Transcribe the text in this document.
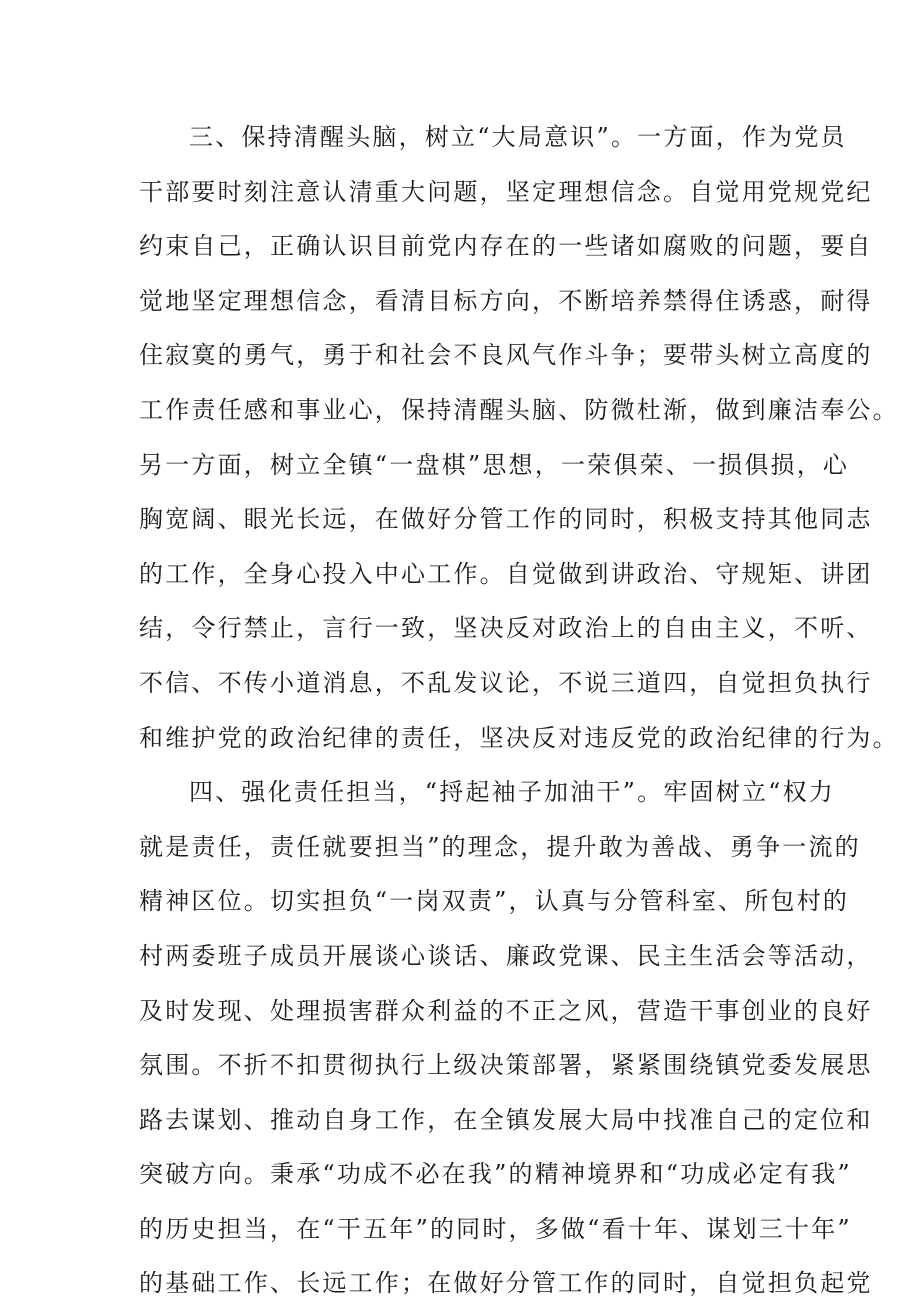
三、保持清醒头脑，树立“大局意识”。一方面，作为党员
干部要时刻注意认清重大问题，坚定理想信念。自觉用党规党纪
约束自己，正确认识目前党内存在的一些诸如腐败的问题，要自
觉地坚定理想信念，看清目标方向，不断培养禁得住诱惑，耐得
住寂寞的勇气，勇于和社会不良风气作斗争；要带头树立高度的
工作责任感和事业心，保持清醒头脑、防微杜渐，做到廉洁奉公。
另一方面，树立全镇“一盘棋”思想，一荣俱荣、一损俱损，心
胸宽阔、眼光长远，在做好分管工作的同时，积极支持其他同志
的工作，全身心投入中心工作。自觉做到讲政治、守规矩、讲团
结，令行禁止，言行一致，坚决反对政治上的自由主义，不听、
不信、不传小道消息，不乱发议论，不说三道四，自觉担负执行
和维护党的政治纪律的责任，坚决反对违反党的政治纪律的行为。
四、强化责任担当，“捋起袖子加油干”。牢固树立“权力
就是责任，责任就要担当”的理念，提升敢为善战、勇争一流的
精神区位。切实担负“一岗双责”，认真与分管科室、所包村的
村两委班子成员开展谈心谈话、廉政党课、民主生活会等活动，
及时发现、处理损害群众利益的不正之风，营造干事创业的良好
氛围。不折不扣贯彻执行上级决策部署，紧紧围绕镇党委发展思
路去谋划、推动自身工作，在全镇发展大局中找准自己的定位和
突破方向。秉承“功成不必在我”的精神境界和“功成必定有我”
的历史担当，在“干五年”的同时，多做“看十年、谋划三十年”
的基础工作、长远工作；在做好分管工作的同时，自觉担负起党
